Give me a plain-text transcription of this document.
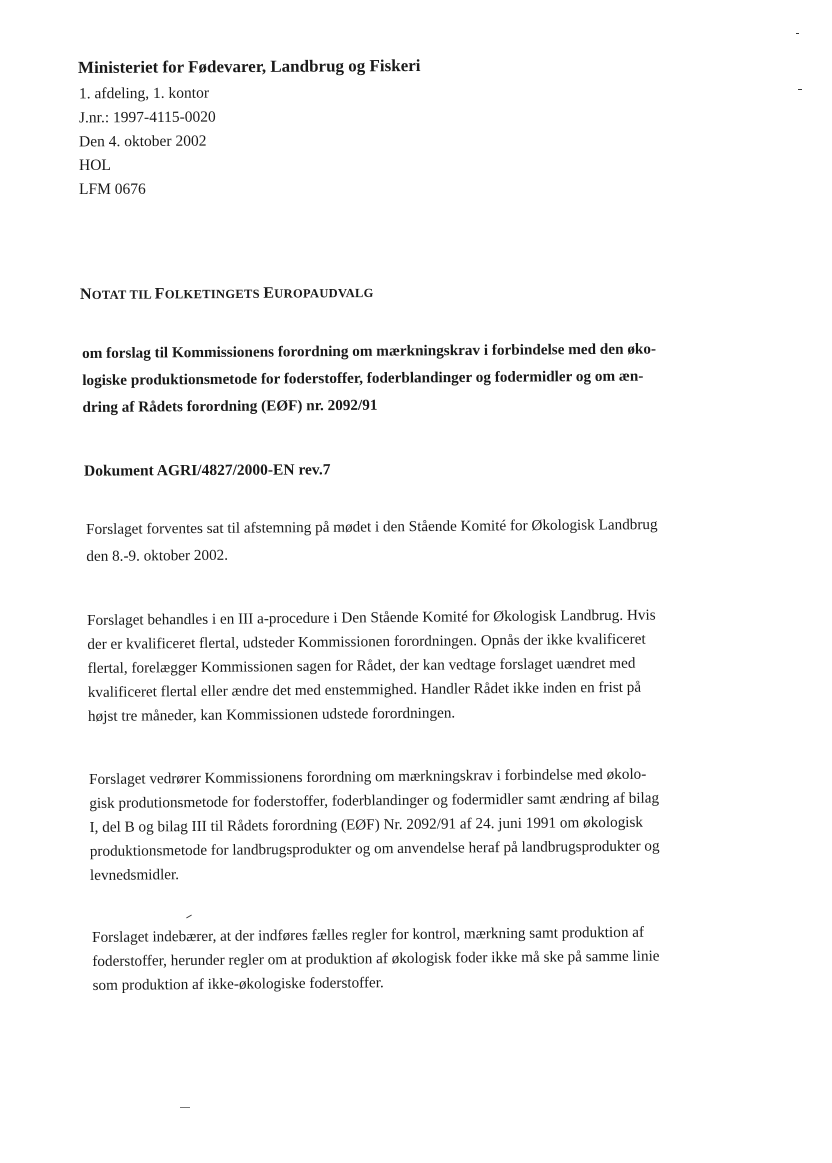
Ministeriet for Fødevarer, Landbrug og Fiskeri
1. afdeling, 1. kontor
J.nr.: 1997-4115-0020
Den 4. oktober 2002
HOL
LFM 0676
NOTAT TIL FOLKETINGETS EUROPAUDVALG
om forslag til Kommissionens forordning om mærkningskrav i forbindelse med den øko-
logiske produktionsmetode for foderstoffer, foderblandinger og fodermidler og om æn-
dring af Rådets forordning (EØF) nr. 2092/91
Dokument AGRI/4827/2000-EN rev.7
Forslaget forventes sat til afstemning på mødet i den Stående Komité for Økologisk Landbrug
den 8.-9. oktober 2002.
Forslaget behandles i en III a-procedure i Den Stående Komité for Økologisk Landbrug. Hvis
der er kvalificeret flertal, udsteder Kommissionen forordningen. Opnås der ikke kvalificeret
flertal, forelægger Kommissionen sagen for Rådet, der kan vedtage forslaget uændret med
kvalificeret flertal eller ændre det med enstemmighed. Handler Rådet ikke inden en frist på
højst tre måneder, kan Kommissionen udstede forordningen.
Forslaget vedrører Kommissionens forordning om mærkningskrav i forbindelse med økolo-
gisk produtionsmetode for foderstoffer, foderblandinger og fodermidler samt ændring af bilag
I, del B og bilag III til Rådets forordning (EØF) Nr. 2092/91 af 24. juni 1991 om økologisk
produktionsmetode for landbrugsprodukter og om anvendelse heraf på landbrugsprodukter og
levnedsmidler.
Forslaget indebærer, at der indføres fælles regler for kontrol, mærkning samt produktion af
foderstoffer, herunder regler om at produktion af økologisk foder ikke må ske på samme linie
som produktion af ikke-økologiske foderstoffer.
